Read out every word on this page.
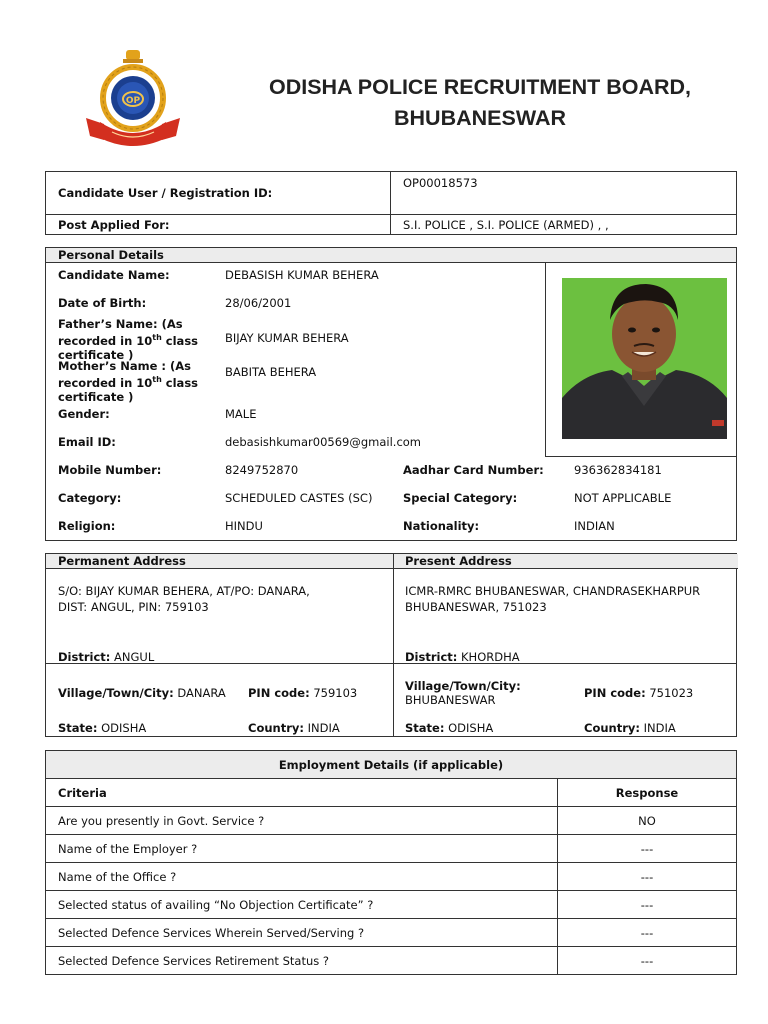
OP
ODISHA POLICE RECRUITMENT BOARD,
BHUBANESWAR
Candidate User / Registration ID:	OP00018573
Post Applied For:	S.I. POLICE , S.I. POLICE (ARMED) , ,
Personal Details
Candidate Name:	DEBASISH KUMAR BEHERA
Date of Birth:	28/06/2001
Father’s Name: (As
recorded in 10th class
certificate )
BIJAY KUMAR BEHERA
Mother’s Name : (As
recorded in 10th class
certificate )
BABITA BEHERA
Gender:	MALE
Email ID:	debasishkumar00569@gmail.com
Mobile Number:	8249752870	Aadhar Card Number:	936362834181
Category:	SCHEDULED CASTES (SC)	Special Category:	NOT APPLICABLE
Religion:	HINDU	Nationality:	INDIAN
Permanent Address	Present Address
S/O: BIJAY KUMAR BEHERA, AT/PO: DANARA,
DIST: ANGUL, PIN: 759103
District: ANGUL
ICMR-RMRC BHUBANESWAR, CHANDRASEKHARPUR
BHUBANESWAR, 751023
District: KHORDHA
Village/Town/City: DANARA PIN code: 759103
State: ODISHA	Country: INDIA
Village/Town/City:
BHUBANESWAR	PIN code: 751023
State: ODISHA	Country: INDIA
Employment Details (if applicable)	
Criteria	Response
Are you presently in Govt. Service ?	NO
Name of the Employer ?	---
Name of the Office ?	---
Selected status of availing “No Objection Certificate” ?	---
Selected Defence Services Wherein Served/Serving ?	---
Selected Defence Services Retirement Status ?	---
